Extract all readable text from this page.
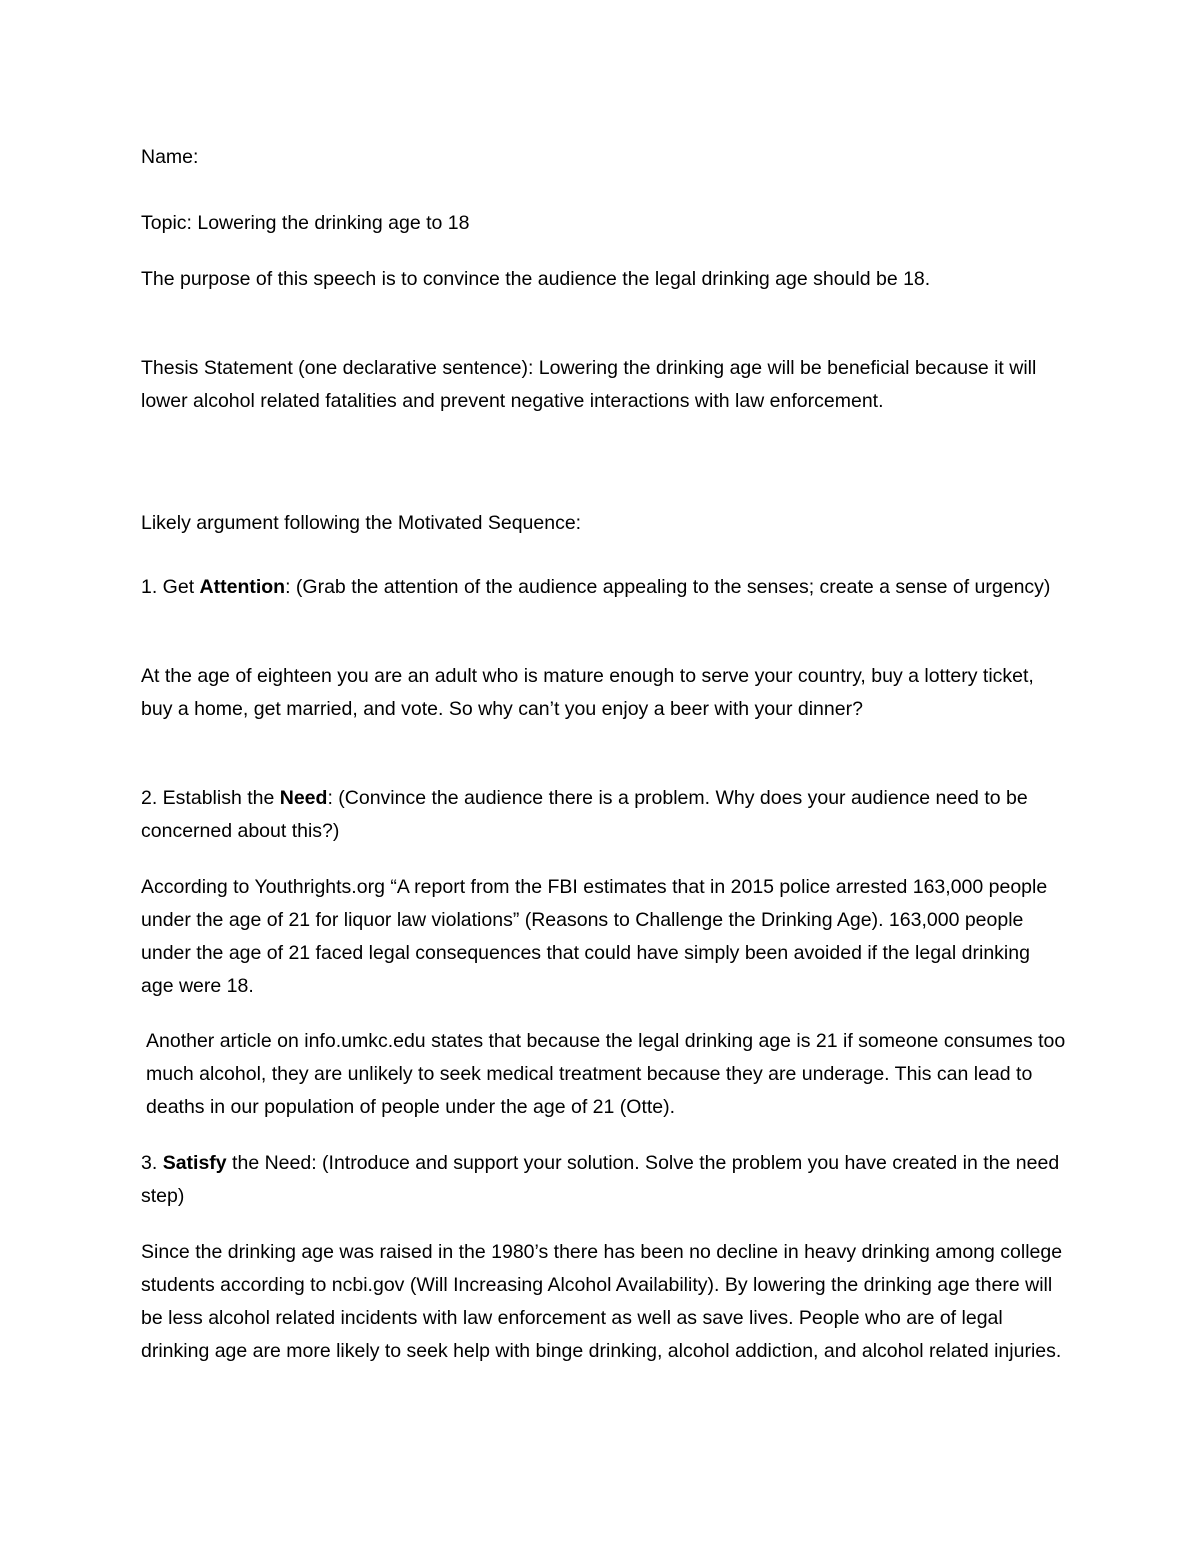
Name:

Topic: Lowering the drinking age to 18

The purpose of this speech is to convince the audience the legal drinking age should be 18.

Thesis Statement (one declarative sentence): Lowering the drinking age will be beneficial because it will lower alcohol related fatalities and prevent negative interactions with law enforcement.

Likely argument following the Motivated Sequence:

1. Get Attention: (Grab the attention of the audience appealing to the senses; create a sense of urgency)

At the age of eighteen you are an adult who is mature enough to serve your country, buy a lottery ticket, buy a home, get married, and vote. So why can’t you enjoy a beer with your dinner?

2. Establish the Need: (Convince the audience there is a problem. Why does your audience need to be concerned about this?)

According to Youthrights.org “A report from the FBI estimates that in 2015 police arrested 163,000 people under the age of 21 for liquor law violations” (Reasons to Challenge the Drinking Age). 163,000 people under the age of 21 faced legal consequences that could have simply been avoided if the legal drinking age were 18.

Another article on info.umkc.edu states that because the legal drinking age is 21 if someone consumes too much alcohol, they are unlikely to seek medical treatment because they are underage. This can lead to deaths in our population of people under the age of 21 (Otte).

3. Satisfy the Need: (Introduce and support your solution. Solve the problem you have created in the need step)

Since the drinking age was raised in the 1980’s there has been no decline in heavy drinking among college students according to ncbi.gov (Will Increasing Alcohol Availability). By lowering the drinking age there will be less alcohol related incidents with law enforcement as well as save lives. People who are of legal drinking age are more likely to seek help with binge drinking, alcohol addiction, and alcohol related injuries.
